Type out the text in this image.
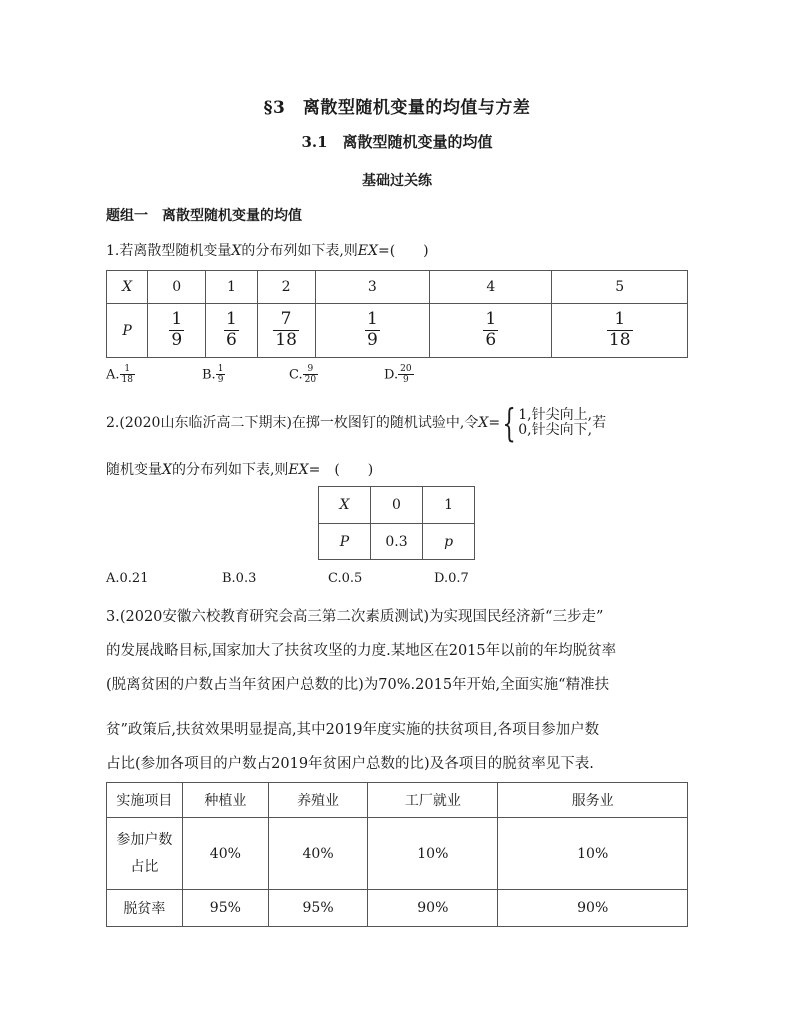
§3　离散型随机变量的均值与方差
3.1　离散型随机变量的均值
基础过关练
题组一　离散型随机变量的均值
1.若离散型随机变量X的分布列如下表,则EX=(　　)
X	0	1	2	3	4	5
P	$\frac{1}{9}$	$\frac{1}{6}$	$\frac{7}{18}$	$\frac{1}{9}$	$\frac{1}{6}$	$\frac{1}{18}$
A. $\frac{1}{18}$	B. $\frac{1}{9}$	C. $\frac{9}{20}$	D. $\frac{20}{9}$
2.(2020山东临沂高二下期末)在掷一枚图钉的随机试验中,令X={ 1,针尖向上,
0,针尖向下, 若
随机变量X的分布列如下表,则EX=　(　　)
X	0	1
P	0.3	p
A.0.21	B.0.3	C.0.5	D.0.7
3.(2020安徽六校教育研究会高三第二次素质测试)为实现国民经济新“三步走”
的发展战略目标,国家加大了扶贫攻坚的力度.某地区在2015年以前的年均脱贫率
(脱离贫困的户数占当年贫困户总数的比)为70%.2015年开始,全面实施“精准扶
贫”政策后,扶贫效果明显提高,其中2019年度实施的扶贫项目,各项目参加户数
占比(参加各项目的户数占2019年贫困户总数的比)及各项目的脱贫率见下表.
实施项目	种植业	养殖业	工厂就业	服务业

参加户数
占比	40%	40%	10%	10%
脱贫率	95%	95%	90%	90%
